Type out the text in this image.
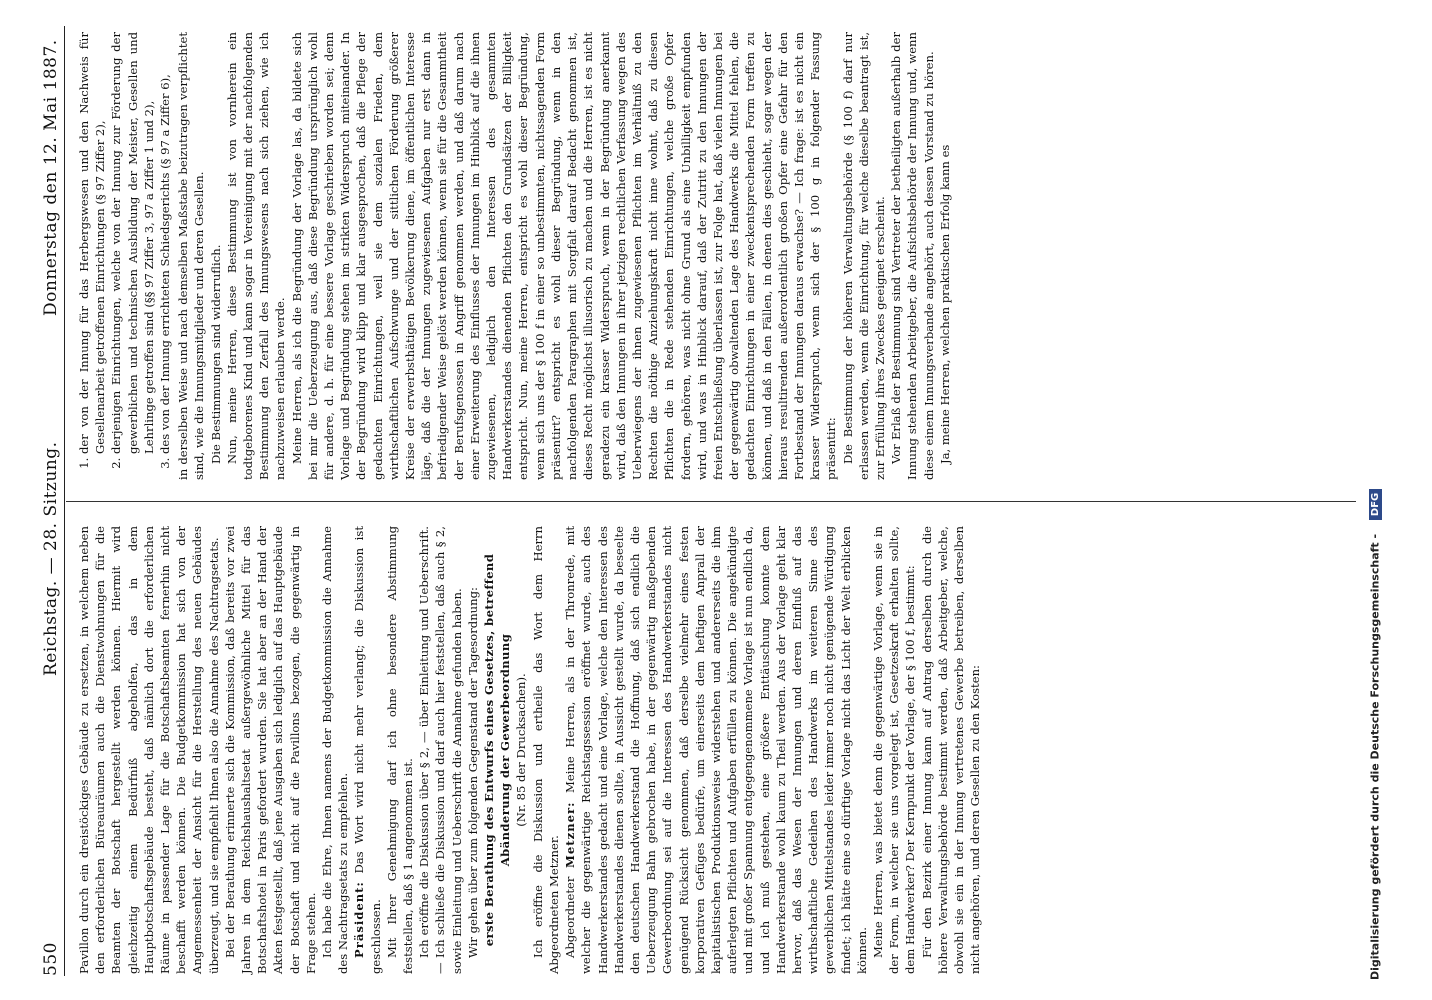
550
Reichstag. — 28. Sitzung.
Donnerstag den 12. Mai 1887.

Pavillon durch ein dreistöckiges Gebäude zu ersetzen, in welchem neben den erforderlichen Büreauräumen auch die Dienstwohnungen für die Beamten der Botschaft hergestellt werden können. Hiermit wird gleichzeitig einem Bedürfniß abgeholfen, das in dem Hauptbotschaftsgebäude besteht, daß nämlich dort die erforderlichen Räume in passender Lage für die Botschaftsbeamten fernerhin nicht beschafft werden können. Die Budgetkommission hat sich von der Angemessenheit der Ansicht für die Herstellung des neuen Gebäudes überzeugt, und sie empfiehlt Ihnen also die Annahme des Nachtragsetats. Bei der Berathung erinnerte sich die Kommission, daß bereits vor zwei Jahren in dem Reichshaushaltsetat außergewöhnliche Mittel für das Botschaftshotel in Paris gefordert wurden. Sie hat aber an der Hand der Akten festgestellt, daß jene Ausgaben sich lediglich auf das Hauptgebäude der Botschaft und nicht auf die Pavillons bezogen, die gegenwärtig in Frage stehen. Ich habe die Ehre, Ihnen namens der Budgetkommission die Annahme des Nachtragsetats zu empfehlen. Präsident: Das Wort wird nicht mehr verlangt; die Diskussion ist geschlossen. Mit Ihrer Genehmigung darf ich ohne besondere Abstimmung feststellen, daß § 1 angenommen ist. Ich eröffne die Diskussion über § 2, — über Einleitung und Ueberschrift. — Ich schließe die Diskussion und darf auch hier feststellen, daß auch § 2, sowie Einleitung und Ueberschrift die Annahme gefunden haben. Wir gehen über zum folgenden Gegenstand der Tagesordnung: erste Berathung des Entwurfs eines Gesetzes, betreffend Abänderung der Gewerbeordnung (Nr. 85 der Drucksachen). Ich eröffne die Diskussion und ertheile das Wort dem Herrn Abgeordneten Metzner. Abgeordneter Metzner: Meine Herren, als in der Thronrede, mit welcher die gegenwärtige Reichstagssession eröffnet wurde, auch des Handwerkerstandes gedacht und eine Vorlage, welche den Interessen des Handwerkerstandes dienen sollte, in Aussicht gestellt wurde, da beseelte den deutschen Handwerkerstand die Hoffnung, daß sich endlich die Ueberzeugung Bahn gebrochen habe, in der gegenwärtig maßgebenden Gewerbeordnung sei auf die Interessen des Handwerkerstandes nicht genügend Rücksicht genommen, daß derselbe vielmehr eines festen korporativen Gefüges bedürfe, um einerseits dem heftigen Anprall der kapitalistischen Produktionsweise widerstehen und andererseits die ihm auferlegten Pflichten und Aufgaben erfüllen zu können. Die angekündigte und mit großer Spannung entgegengenommene Vorlage ist nun endlich da, und ich muß gestehen, eine größere Enttäuschung konnte dem Handwerkerstande wohl kaum zu Theil werden. Aus der Vorlage geht klar hervor, daß das Wesen der Innungen und deren Einfluß auf das wirthschaftliche Gedeihen des Handwerks im weiteren Sinne des gewerblichen Mittelstandes leider immer noch nicht genügende Würdigung findet; ich hätte eine so dürftige Vorlage nicht das Licht der Welt erblicken können. Meine Herren, was bietet denn die gegenwärtige Vorlage, wenn sie in der Form, in welcher sie uns vorgelegt ist, Gesetzeskraft erhalten sollte, dem Handwerker? Der Kernpunkt der Vorlage, der § 100 f, bestimmt: Für den Bezirk einer Innung kann auf Antrag derselben durch die höhere Verwaltungsbehörde bestimmt werden, daß Arbeitgeber, welche, obwohl sie ein in der Innung vertretenes Gewerbe betreiben, derselben nicht angehören, und deren Gesellen zu den Kosten:

1. der von der Innung für das Herbergswesen und den Nachweis für Gesellenarbeit getroffenen Einrichtungen (§ 97 Ziffer 2), 2. derjenigen Einrichtungen, welche von der Innung zur Förderung der gewerblichen und technischen Ausbildung der Meister, Gesellen und Lehrlinge getroffen sind (§§ 97 Ziffer 3, 97 a Ziffer 1 und 2), 3. des von der Innung errichteten Schiedsgerichts (§ 97 a Ziffer 6), in derselben Weise und nach demselben Maßstabe beizutragen verpflichtet sind, wie die Innungsmitglieder und deren Gesellen. Die Bestimmungen sind widerruflich. Nun, meine Herren, diese Bestimmung ist von vornherein ein todtgeborenes Kind und kann sogar in Vereinigung mit der nachfolgenden Bestimmung den Zerfall des Innungswesens nach sich ziehen, wie ich nachzuweisen erlauben werde. Meine Herren, als ich die Begründung der Vorlage las, da bildete sich bei mir die Ueberzeugung aus, daß diese Begründung ursprünglich wohl für andere, d. h. für eine bessere Vorlage geschrieben worden sei; denn Vorlage und Begründung stehen im strikten Widerspruch miteinander. In der Begründung wird klipp und klar ausgesprochen, daß die Pflege der gedachten Einrichtungen, weil sie dem sozialen Frieden, dem wirthschaftlichen Aufschwunge und der sittlichen Förderung größerer Kreise der erwerbsthätigen Bevölkerung diene, im öffentlichen Interesse läge, daß die der Innungen zugewiesenen Aufgaben nur erst dann in befriedigender Weise gelöst werden können, wenn sie für die Gesammtheit der Berufsgenossen in Angriff genommen werden, und daß darum nach einer Erweiterung des Einflusses der Innungen im Hinblick auf die ihnen zugewiesenen, lediglich den Interessen des gesammten Handwerkerstandes dienenden Pflichten den Grundsätzen der Billigkeit entspricht. Nun, meine Herren, entspricht es wohl dieser Begründung, wenn sich uns der § 100 f in einer so unbestimmten, nichtssagenden Form präsentirt? entspricht es wohl dieser Begründung, wenn in den nachfolgenden Paragraphen mit Sorgfalt darauf Bedacht genommen ist, dieses Recht möglichst illusorisch zu machen und die Herren, ist es nicht geradezu ein krasser Widerspruch, wenn in der Begründung anerkannt wird, daß den Innungen in ihrer jetzigen rechtlichen Verfassung wegen des Ueberwiegens der ihnen zugewiesenen Pflichten im Verhältniß zu den Rechten die nöthige Anziehungskraft nicht inne wohnt, daß zu diesen Pflichten die in Rede stehenden Einrichtungen, welche große Opfer fordern, gehören, was nicht ohne Grund als eine Unbilligkeit empfunden wird, und was in Hinblick darauf, daß der Zutritt zu den Innungen der freien Entschließung überlassen ist, zur Folge hat, daß vielen Innungen bei der gegenwärtig obwaltenden Lage des Handwerks die Mittel fehlen, die gedachten Einrichtungen in einer zweckentsprechenden Form treffen zu können, und daß in den Fällen, in denen dies geschieht, sogar wegen der hieraus resultirenden außerordentlich großen Opfer eine Gefahr für den Fortbestand der Innungen daraus erwachse? — Ich frage: ist es nicht ein krasser Widerspruch, wenn sich der § 100 g in folgender Fassung präsentirt: Die Bestimmung der höheren Verwaltungsbehörde (§ 100 f) darf nur erlassen werden, wenn die Einrichtung, für welche dieselbe beantragt ist, zur Erfüllung ihres Zweckes geeignet erscheint. Vor Erlaß der Bestimmung sind Vertreter der betheiligten außerhalb der Innung stehenden Arbeitgeber, die Aufsichtsbehörde der Innung und, wenn diese einem Innungsverbande angehört, auch dessen Vorstand zu hören. Ja, meine Herren, welchen praktischen Erfolg kann es

Digitalisierung gefördert durch die Deutsche Forschungsgemeinschaft - DFG
